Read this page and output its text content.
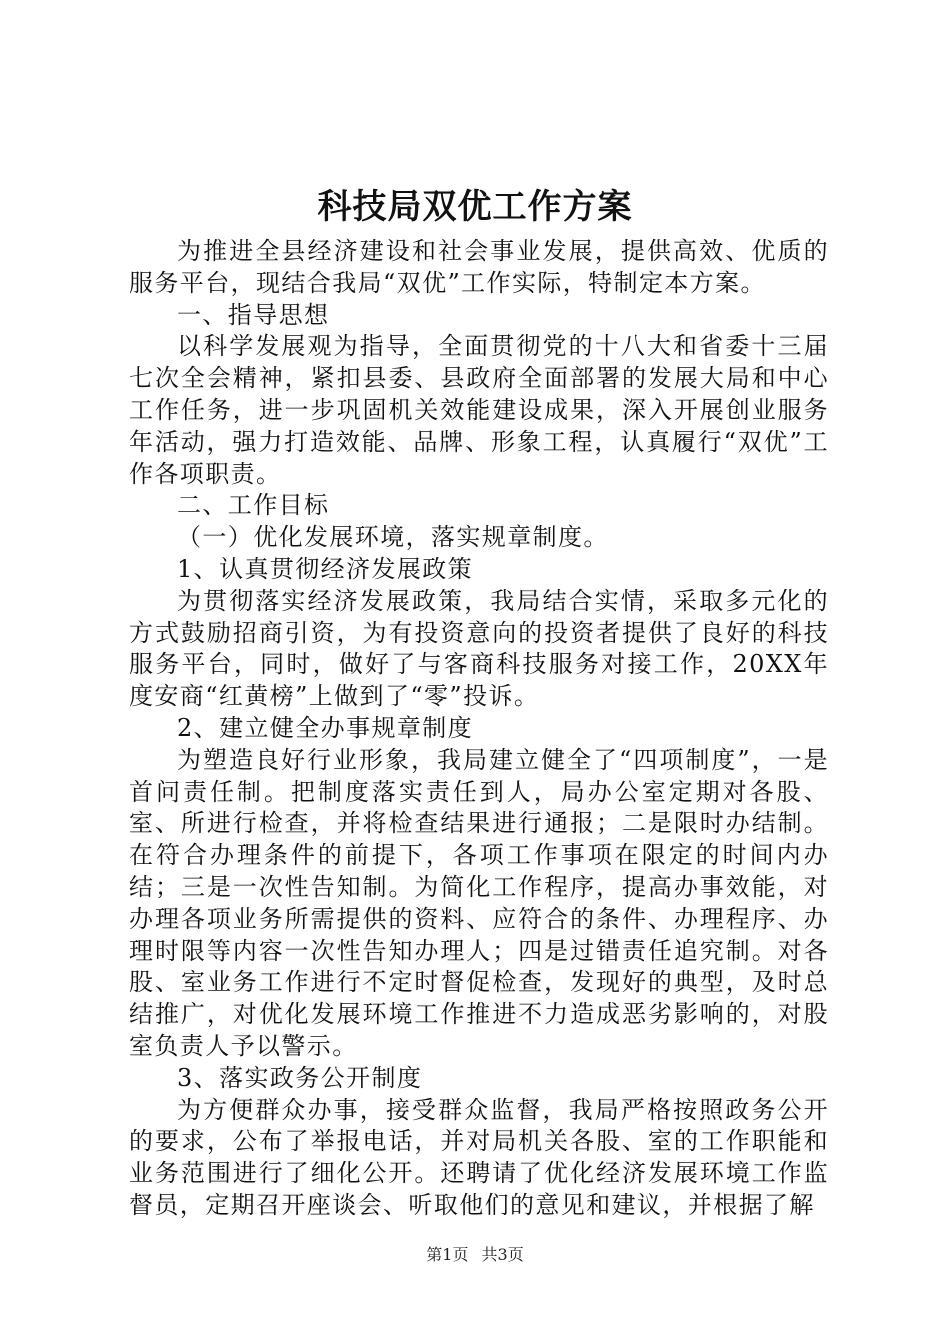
科技局双优工作方案

为推进全县经济建设和社会事业发展，提供高效、优质的服务平台，现结合我局“双优”工作实际，特制定本方案。

一、指导思想

以科学发展观为指导，全面贯彻党的十八大和省委十三届七次全会精神，紧扣县委、县政府全面部署的发展大局和中心工作任务，进一步巩固机关效能建设成果，深入开展创业服务年活动，强力打造效能、品牌、形象工程，认真履行“双优”工作各项职责。

二、工作目标

（一）优化发展环境，落实规章制度。

1、认真贯彻经济发展政策

为贯彻落实经济发展政策，我局结合实情，采取多元化的方式鼓励招商引资，为有投资意向的投资者提供了良好的科技服务平台，同时，做好了与客商科技服务对接工作，20XX年度安商“红黄榜”上做到了“零”投诉。

2、建立健全办事规章制度

为塑造良好行业形象，我局建立健全了“四项制度”，一是首问责任制。把制度落实责任到人，局办公室定期对各股、室、所进行检查，并将检查结果进行通报；二是限时办结制。在符合办理条件的前提下，各项工作事项在限定的时间内办结；三是一次性告知制。为简化工作程序，提高办事效能，对办理各项业务所需提供的资料、应符合的条件、办理程序、办理时限等内容一次性告知办理人；四是过错责任追究制。对各股、室业务工作进行不定时督促检查，发现好的典型，及时总结推广，对优化发展环境工作推进不力造成恶劣影响的，对股室负责人予以警示。

3、落实政务公开制度

为方便群众办事，接受群众监督，我局严格按照政务公开的要求，公布了举报电话，并对局机关各股、室的工作职能和业务范围进行了细化公开。还聘请了优化经济发展环境工作监督员，定期召开座谈会、听取他们的意见和建议，并根据了解

第1页 共3页
